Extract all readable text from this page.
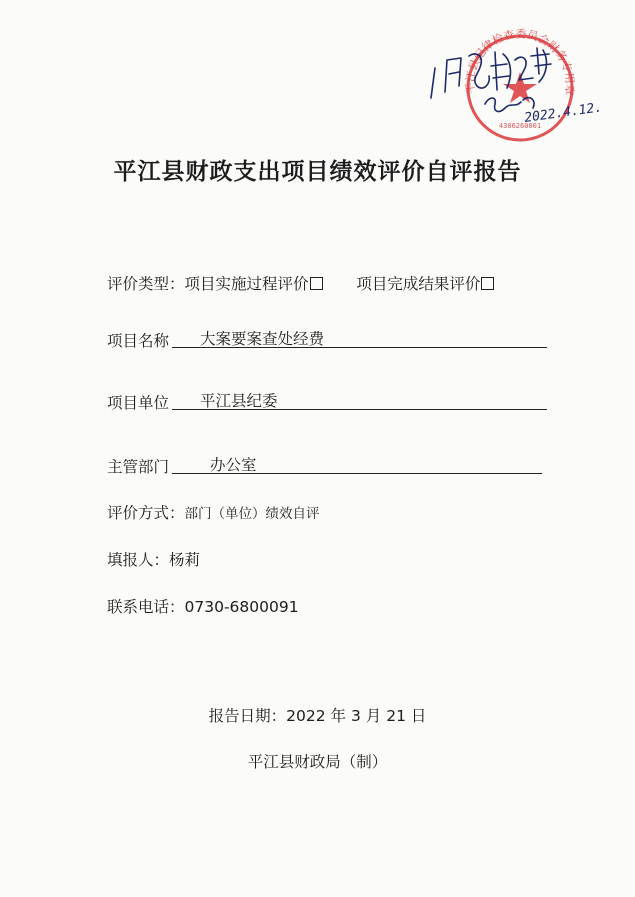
平江县纪律检查委员会财务专用章
4306260001
2022.4.12.
平江县财政支出项目绩效评价自评报告
评价类型：项目实施过程评价	项目完成结果评价
项目名称	大案要案查处经费
项目单位	平江县纪委
主管部门	办公室
评价方式：部门（单位）绩效自评
填报人：杨莉
联系电话：0730-6800091
报告日期：2022 年 3 月 21 日
平江县财政局（制）
